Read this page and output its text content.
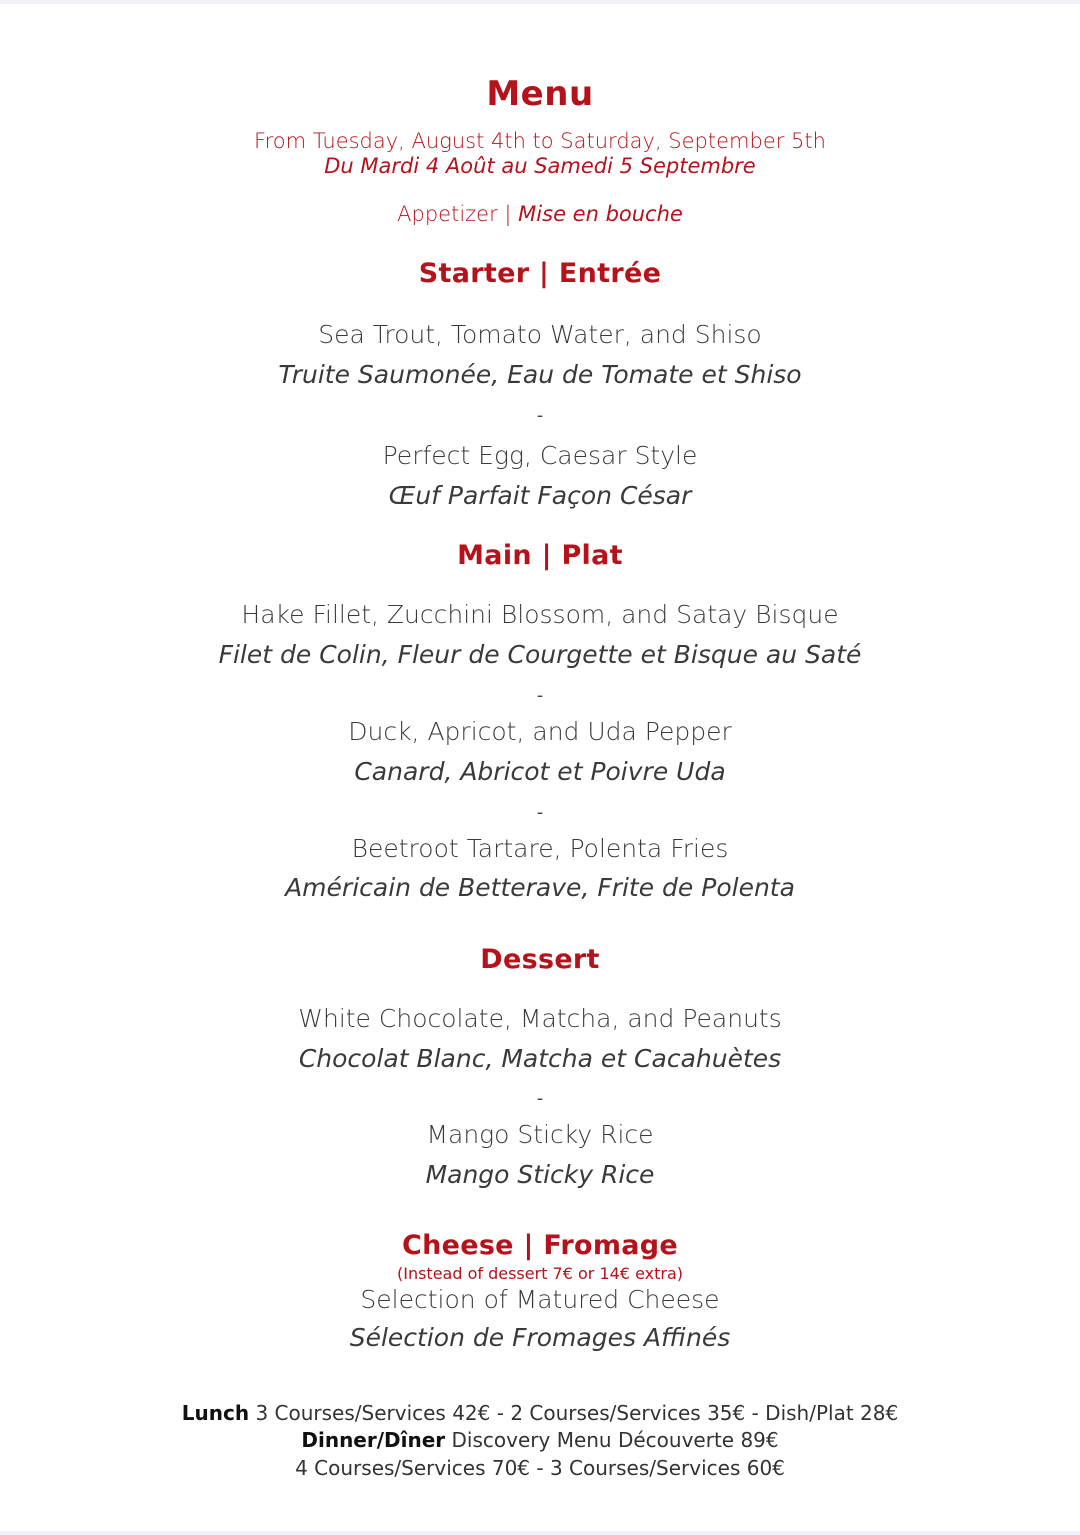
Menu
From Tuesday, August 4th to Saturday, September 5th
Du Mardi 4 Août au Samedi 5 Septembre
Appetizer | Mise en bouche
Starter | Entrée
Sea Trout, Tomato Water, and Shiso
Truite Saumonée, Eau de Tomate et Shiso
-
Perfect Egg, Caesar Style
Œuf Parfait Façon César
Main | Plat
Hake Fillet, Zucchini Blossom, and Satay Bisque
Filet de Colin, Fleur de Courgette et Bisque au Saté
-
Duck, Apricot, and Uda Pepper
Canard, Abricot et Poivre Uda
-
Beetroot Tartare, Polenta Fries
Américain de Betterave, Frite de Polenta
Dessert
White Chocolate, Matcha, and Peanuts
Chocolat Blanc, Matcha et Cacahuètes
-
Mango Sticky Rice
Mango Sticky Rice
Cheese | Fromage
(Instead of dessert 7€ or 14€ extra)
Selection of Matured Cheese
Sélection de Fromages Affinés
Lunch 3 Courses/Services 42€ - 2 Courses/Services 35€ - Dish/Plat 28€
Dinner/Dîner Discovery Menu Découverte 89€
4 Courses/Services 70€ - 3 Courses/Services 60€
